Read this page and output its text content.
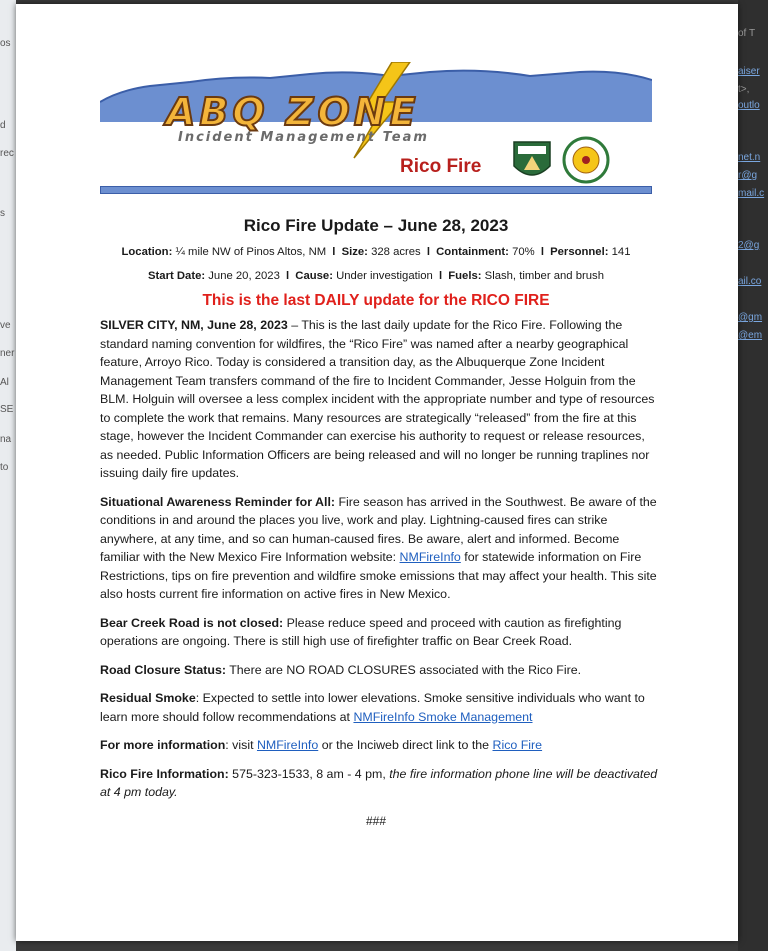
os
d
rec
s
ve
ner
Al
SE
na
to
of T
aiser
t>,
outlo
net.n
r@g
mail.c
2@g
ail.co
@gm
@em
ABQ ZONE
Incident Management Team
Rico Fire
Rico Fire Update – June 28, 2023
Location: ¼ mile NW of Pinos Altos, NM l Size: 328 acres l Containment: 70% l Personnel: 141
Start Date: June 20, 2023 l Cause: Under investigation l Fuels: Slash, timber and brush
This is the last DAILY update for the RICO FIRE

SILVER CITY, NM, June 28, 2023 – This is the last daily update for the Rico Fire. Following the standard naming convention for wildfires, the “Rico Fire” was named after a nearby geographical feature, Arroyo Rico. Today is considered a transition day, as the Albuquerque Zone Incident Management Team transfers command of the fire to Incident Commander, Jesse Holguin from the BLM. Holguin will oversee a less complex incident with the appropriate number and type of resources to complete the work that remains. Many resources are strategically “released” from the fire at this stage, however the Incident Commander can exercise his authority to request or release resources, as needed. Public Information Officers are being released and will no longer be running traplines nor issuing daily fire updates.

Situational Awareness Reminder for All: Fire season has arrived in the Southwest. Be aware of the conditions in and around the places you live, work and play. Lightning-caused fires can strike anywhere, at any time, and so can human-caused fires. Be aware, alert and informed. Become familiar with the New Mexico Fire Information website: NMFireInfo for statewide information on Fire Restrictions, tips on fire prevention and wildfire smoke emissions that may affect your health. This site also hosts current fire information on active fires in New Mexico.

Bear Creek Road is not closed: Please reduce speed and proceed with caution as firefighting operations are ongoing. There is still high use of firefighter traffic on Bear Creek Road.

Road Closure Status: There are NO ROAD CLOSURES associated with the Rico Fire.

Residual Smoke: Expected to settle into lower elevations. Smoke sensitive individuals who want to learn more should follow recommendations at NMFireInfo Smoke Management

For more information: visit NMFireInfo or the Inciweb direct link to the Rico Fire

Rico Fire Information: 575-323-1533, 8 am - 4 pm, the fire information phone line will be deactivated at 4 pm today.

###
